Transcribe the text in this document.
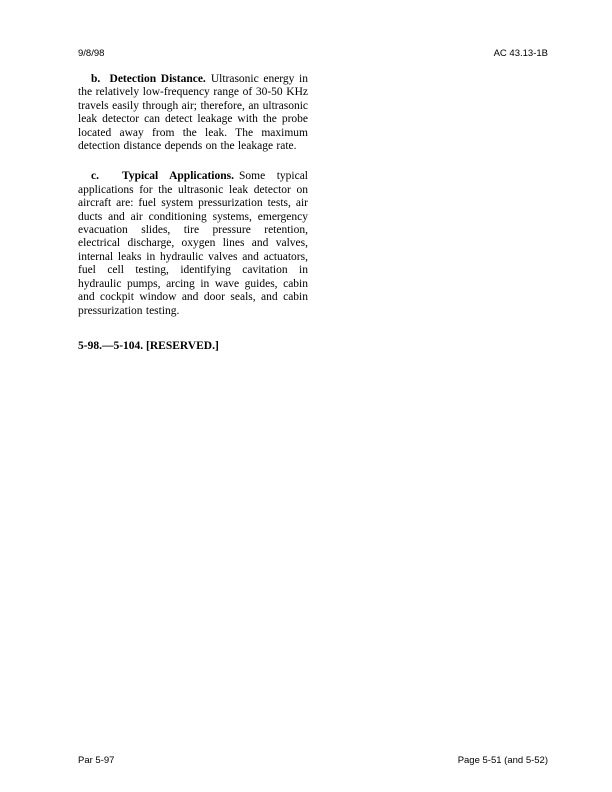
9/8/98	AC 43.13-1B

b.  Detection Distance. Ultrasonic energy in the relatively low-frequency range of 30-50 KHz travels easily through air; therefore, an ultrasonic leak detector can detect leakage with the probe located away from the leak. The maximum detection distance depends on the leakage rate.

c.  Typical Applications. Some typical applications for the ultrasonic leak detector on aircraft are: fuel system pressurization tests, air ducts and air conditioning systems, emergency evacuation slides, tire pressure retention, electrical discharge, oxygen lines and valves, internal leaks in hydraulic valves and actuators, fuel cell testing, identifying cavitation in hydraulic pumps, arcing in wave guides, cabin and cockpit window and door seals, and cabin pressurization testing.

5-98.—5-104. [RESERVED.]

Par 5-97	Page 5-51 (and 5-52)
